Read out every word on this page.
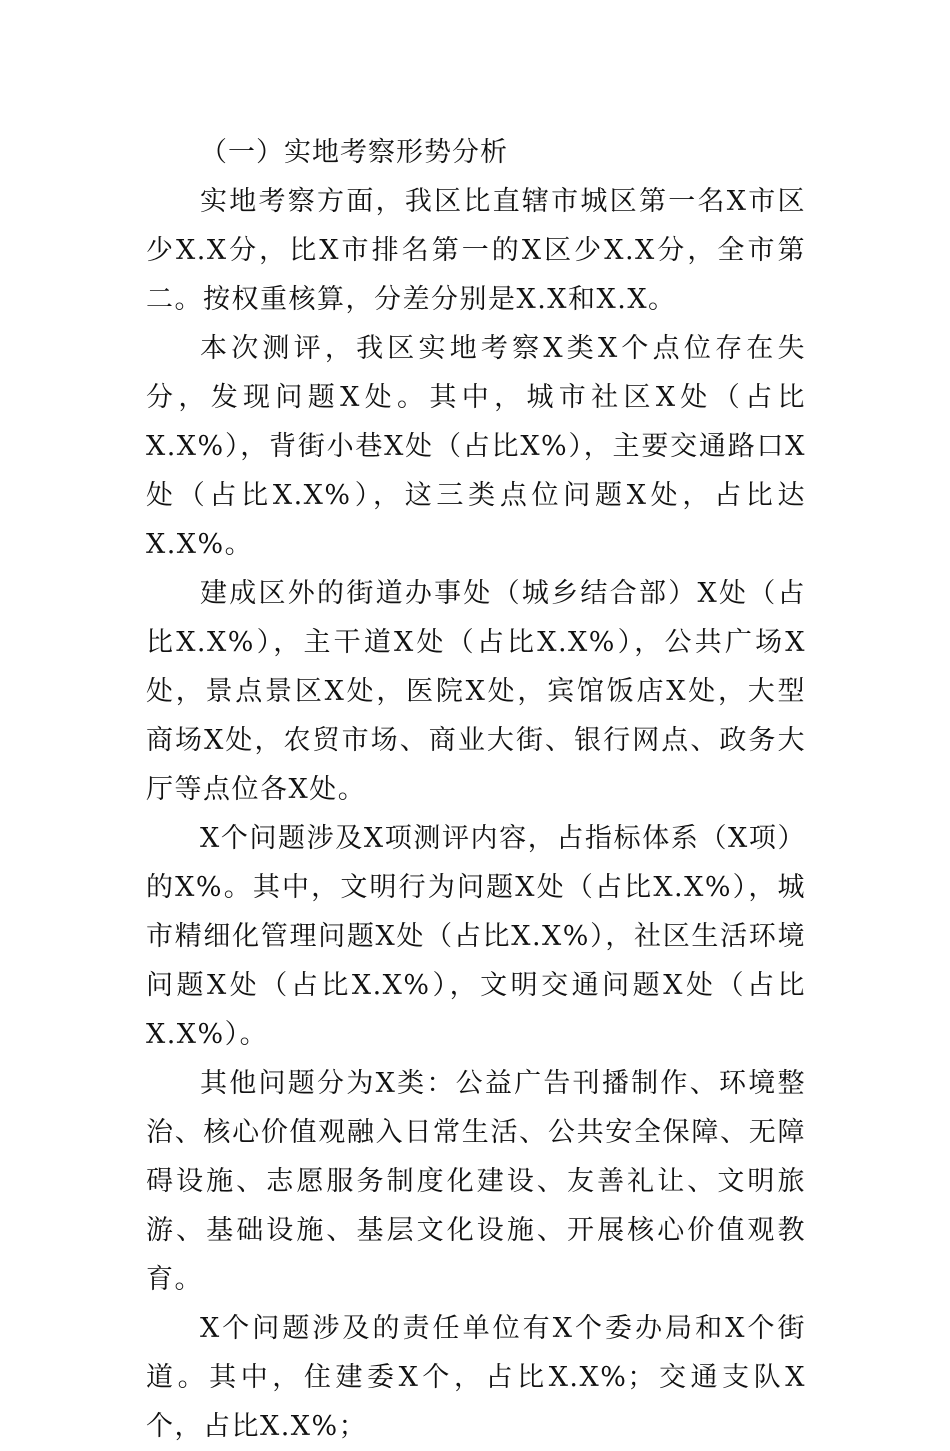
（一）实地考察形势分析

实地考察方面，我区比直辖市城区第一名X市区少X.X分，比X市排名第一的X区少X.X分，全市第二。按权重核算，分差分别是X.X和X.X。

本次测评，我区实地考察X类X个点位存在失分，发现问题X处。其中，城市社区X处（占比X.X%），背街小巷X处（占比X%），主要交通路口X处（占比X.X%），这三类点位问题X处，占比达X.X%。

建成区外的街道办事处（城乡结合部）X处（占比X.X%），主干道X处（占比X.X%），公共广场X处，景点景区X处，医院X处，宾馆饭店X处，大型商场X处，农贸市场、商业大街、银行网点、政务大厅等点位各X处。

X个问题涉及X项测评内容，占指标体系（X项）的X%。其中，文明行为问题X处（占比X.X%），城市精细化管理问题X处（占比X.X%），社区生活环境问题X处（占比X.X%），文明交通问题X处（占比X.X%）。

其他问题分为X类：公益广告刊播制作、环境整治、核心价值观融入日常生活、公共安全保障、无障碍设施、志愿服务制度化建设、友善礼让、文明旅游、基础设施、基层文化设施、开展核心价值观教育。

X个问题涉及的责任单位有X个委办局和X个街道。其中，住建委X个，占比X.X%；交通支队X个，占比X.X%；
